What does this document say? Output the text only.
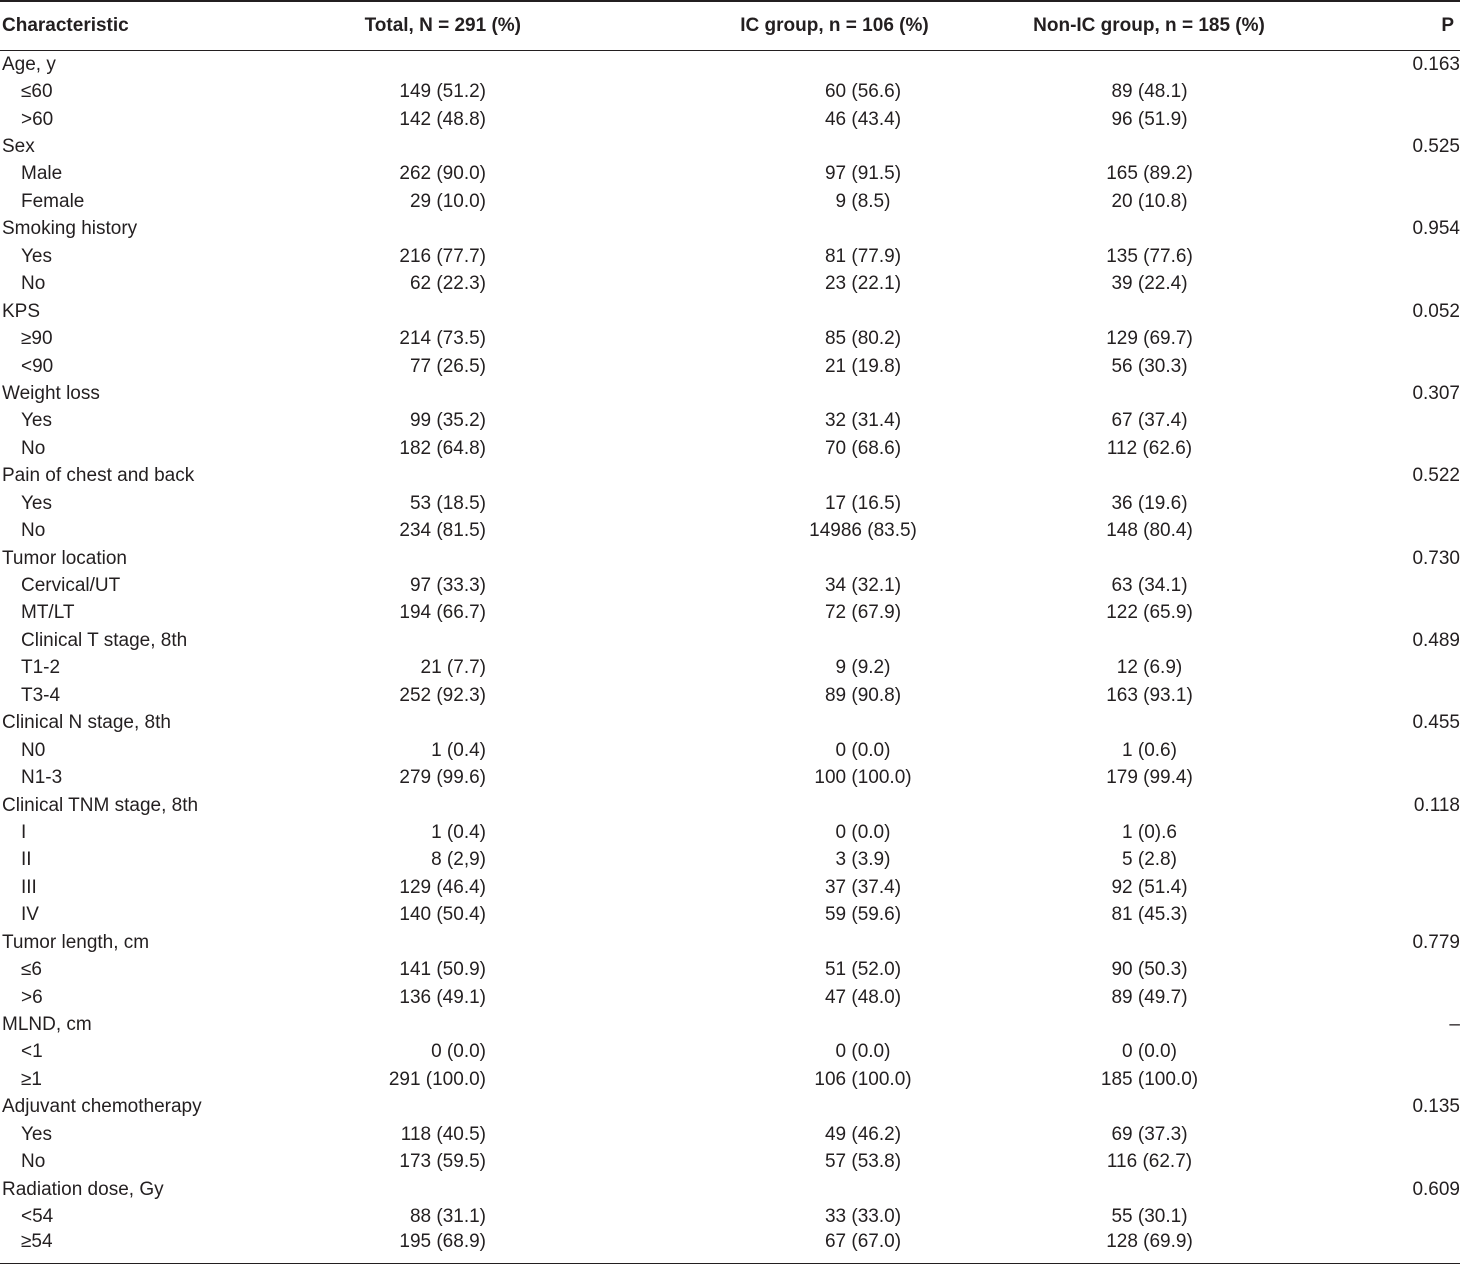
Characteristic	Total, N = 291 (%)	IC group, n = 106 (%)	Non-IC group, n = 185 (%)	P
Age, y				0.163
≤60	149 (51.2)	60 (56.6)	89 (48.1)	
>60	142 (48.8)	46 (43.4)	96 (51.9)	
Sex				0.525
Male	262 (90.0)	97 (91.5)	165 (89.2)	
Female	29 (10.0)	9 (8.5)	20 (10.8)	
Smoking history				0.954
Yes	216 (77.7)	81 (77.9)	135 (77.6)	
No	62 (22.3)	23 (22.1)	39 (22.4)	
KPS				0.052
≥90	214 (73.5)	85 (80.2)	129 (69.7)	
<90	77 (26.5)	21 (19.8)	56 (30.3)	
Weight loss				0.307
Yes	99 (35.2)	32 (31.4)	67 (37.4)	
No	182 (64.8)	70 (68.6)	112 (62.6)	
Pain of chest and back				0.522
Yes	53 (18.5)	17 (16.5)	36 (19.6)	
No	234 (81.5)	14986 (83.5)	148 (80.4)	
Tumor location				0.730
Cervical/UT	97 (33.3)	34 (32.1)	63 (34.1)	
MT/LT	194 (66.7)	72 (67.9)	122 (65.9)	
Clinical T stage, 8th				0.489
T1-2	21 (7.7)	9 (9.2)	12 (6.9)	
T3-4	252 (92.3)	89 (90.8)	163 (93.1)	
Clinical N stage, 8th				0.455
N0	1 (0.4)	0 (0.0)	1 (0.6)	
N1-3	279 (99.6)	100 (100.0)	179 (99.4)	
Clinical TNM stage, 8th				0.118
I	1 (0.4)	0 (0.0)	1 (0).6	
II	8 (2,9)	3 (3.9)	5 (2.8)	
III	129 (46.4)	37 (37.4)	92 (51.4)	
IV	140 (50.4)	59 (59.6)	81 (45.3)	
Tumor length, cm				0.779
≤6	141 (50.9)	51 (52.0)	90 (50.3)	
>6	136 (49.1)	47 (48.0)	89 (49.7)	
MLND, cm				–
<1	0 (0.0)	0 (0.0)	0 (0.0)	
≥1	291 (100.0)	106 (100.0)	185 (100.0)	
Adjuvant chemotherapy				0.135
Yes	118 (40.5)	49 (46.2)	69 (37.3)	
No	173 (59.5)	57 (53.8)	116 (62.7)	
Radiation dose, Gy				0.609
<54	88 (31.1)	33 (33.0)	55 (30.1)	
≥54	195 (68.9)	67 (67.0)	128 (69.9)	
